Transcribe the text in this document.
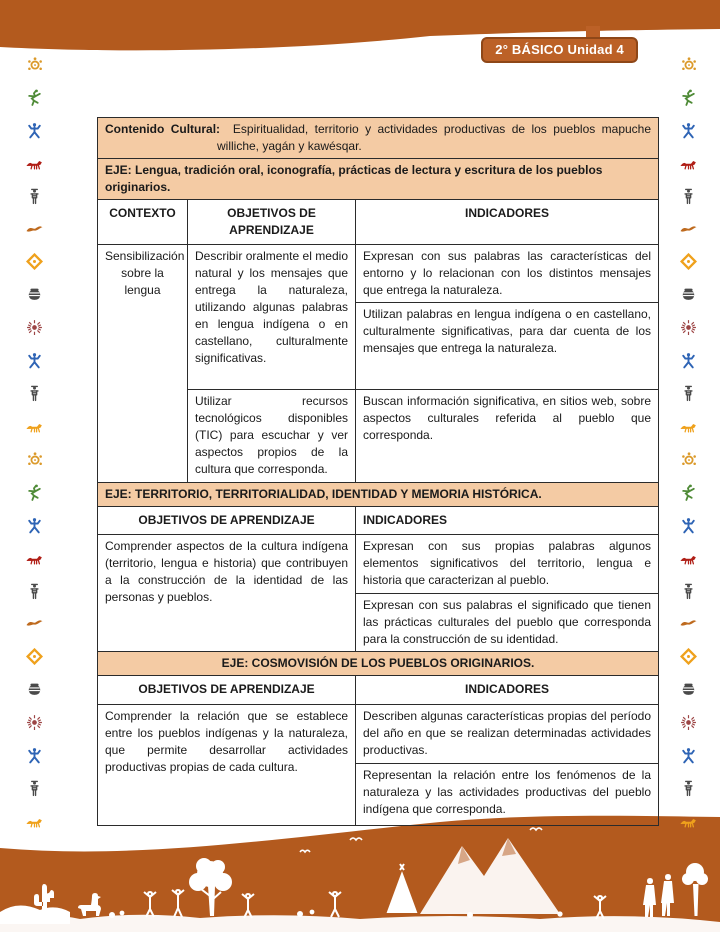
2° BÁSICO Unidad 4
Contenido Cultural: Espiritualidad, territorio y actividades productivas de los pueblos mapuche williche, yagán y kawésqar.		

EJE: Lengua, tradición oral, iconografía, prácticas de lectura y escritura de los pueblos originarios.		
CONTEXTO	OBJETIVOS DE APRENDIZAJE	INDICADORES
Sensibilización sobre la lengua	Describir oralmente el medio natural y los mensajes que entrega la naturaleza, utilizando algunas palabras en lengua indígena o en castellano, culturalmente significativas.	Expresan con sus palabras las características del entorno y lo relacionan con los distintos mensajes que entrega la naturaleza.

		Utilizan palabras en lengua indígena o en castellano, culturalmente significativas, para dar cuenta de los mensajes que entrega la naturaleza.

	Utilizar recursos tecnológicos disponibles (TIC) para escuchar y ver aspectos propios de la cultura que corresponda.	Buscan información significativa, en sitios web, sobre aspectos culturales referida al pueblo que corresponda.
EJE: TERRITORIO, TERRITORIALIDAD, IDENTIDAD Y MEMORIA HISTÓRICA.		
OBJETIVOS DE APRENDIZAJE		INDICADORES
Comprender aspectos de la cultura indígena (territorio, lengua e historia) que contribuyen a la construcción de la identidad de las personas y pueblos.		Expresan con sus propias palabras algunos elementos significativos del territorio, lengua e historia que caracterizan al pueblo.

		Expresan con sus palabras el significado que tienen las prácticas culturales del pueblo que corresponda para la construcción de su identidad.

EJE: COSMOVISIÓN DE LOS PUEBLOS ORIGINARIOS.		
OBJETIVOS DE APRENDIZAJE		INDICADORES
Comprender la relación que se establece entre los pueblos indígenas y la naturaleza, que permite desarrollar actividades productivas propias de cada cultura.		Describen algunas características propias del período del año en que se realizan determinadas actividades productivas.

		Representan la relación entre los fenómenos de la naturaleza y las actividades productivas del pueblo indígena que corresponda.
